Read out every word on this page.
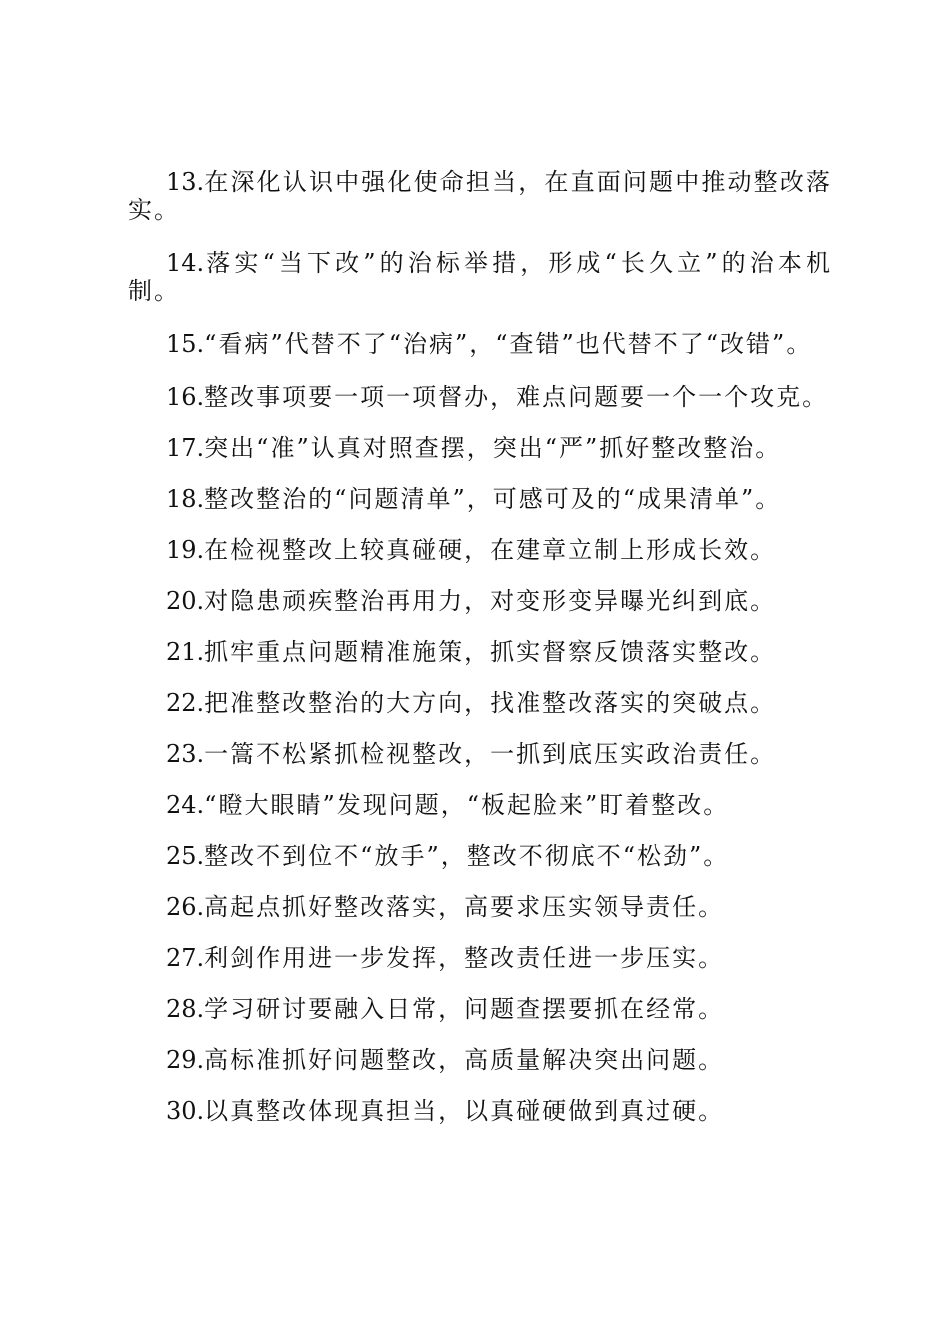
13.在深化认识中强化使命担当，在直面问题中推动整改落实。

14.落实“当下改”的治标举措，形成“长久立”的治本机制。

15.“看病”代替不了“治病”，“查错”也代替不了“改错”。

16.整改事项要一项一项督办，难点问题要一个一个攻克。

17.突出“准”认真对照查摆，突出“严”抓好整改整治。

18.整改整治的“问题清单”，可感可及的“成果清单”。

19.在检视整改上较真碰硬，在建章立制上形成长效。

20.对隐患顽疾整治再用力，对变形变异曝光纠到底。

21.抓牢重点问题精准施策，抓实督察反馈落实整改。

22.把准整改整治的大方向，找准整改落实的突破点。

23.一篙不松紧抓检视整改，一抓到底压实政治责任。

24.“瞪大眼睛”发现问题，“板起脸来”盯着整改。

25.整改不到位不“放手”，整改不彻底不“松劲”。

26.高起点抓好整改落实，高要求压实领导责任。

27.利剑作用进一步发挥，整改责任进一步压实。

28.学习研讨要融入日常，问题查摆要抓在经常。

29.高标准抓好问题整改，高质量解决突出问题。

30.以真整改体现真担当，以真碰硬做到真过硬。
